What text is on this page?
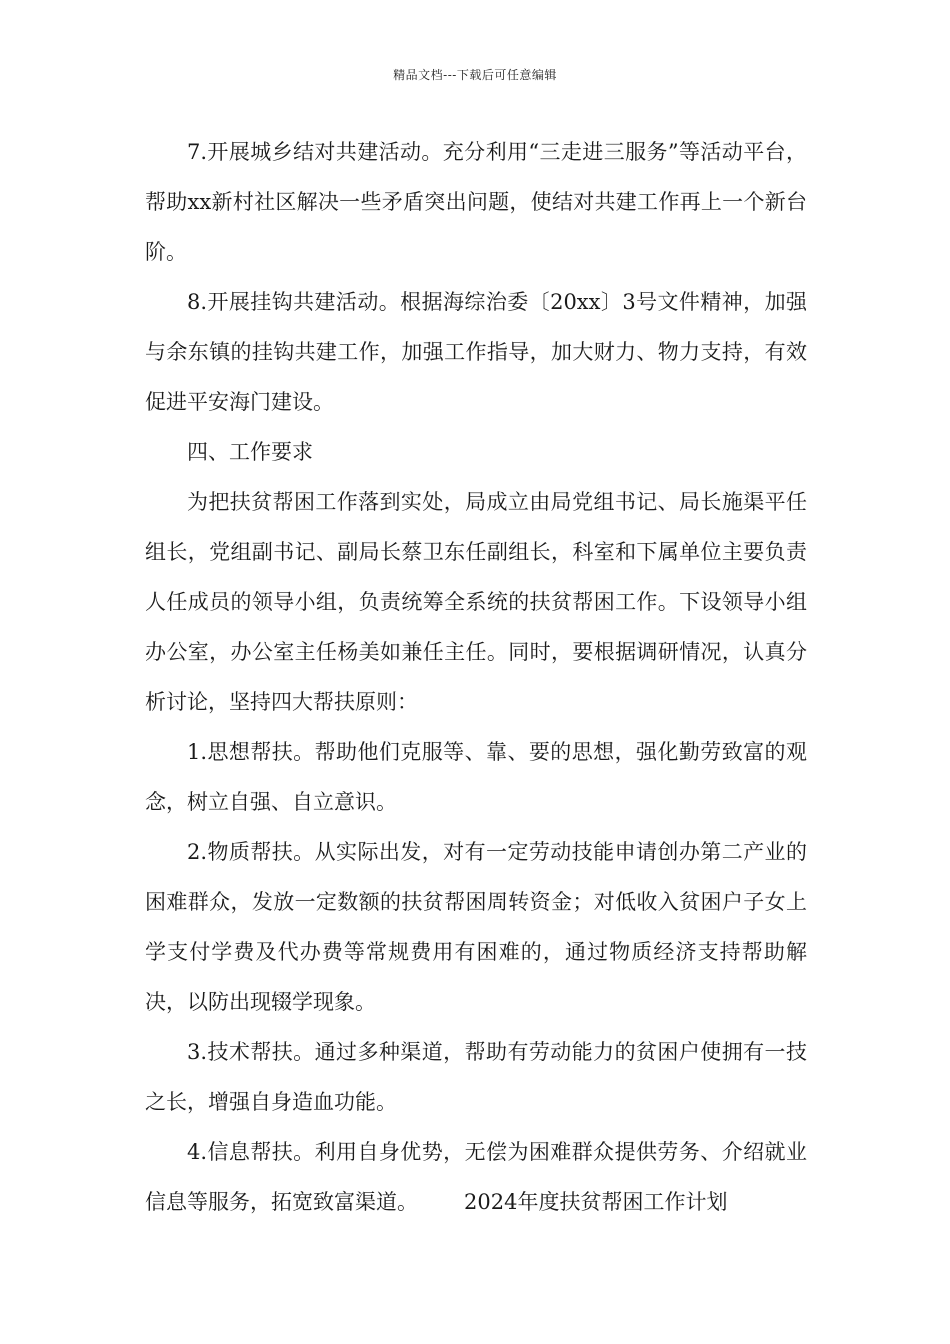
精品文档---下载后可任意编辑

7.开展城乡结对共建活动。充分利用“三走进三服务”等活动平台，帮助xx新村社区解决一些矛盾突出问题，使结对共建工作再上一个新台阶。

8.开展挂钩共建活动。根据海综治委〔20xx〕3号文件精神，加强与余东镇的挂钩共建工作，加强工作指导，加大财力、物力支持，有效促进平安海门建设。

四、工作要求

为把扶贫帮困工作落到实处，局成立由局党组书记、局长施渠平任组长，党组副书记、副局长蔡卫东任副组长，科室和下属单位主要负责人任成员的领导小组，负责统筹全系统的扶贫帮困工作。下设领导小组办公室，办公室主任杨美如兼任主任。同时，要根据调研情况，认真分析讨论，坚持四大帮扶原则：

1.思想帮扶。帮助他们克服等、靠、要的思想，强化勤劳致富的观念，树立自强、自立意识。

2.物质帮扶。从实际出发，对有一定劳动技能申请创办第二产业的困难群众，发放一定数额的扶贫帮困周转资金；对低收入贫困户子女上学支付学费及代办费等常规费用有困难的，通过物质经济支持帮助解决，以防出现辍学现象。

3.技术帮扶。通过多种渠道，帮助有劳动能力的贫困户使拥有一技之长，增强自身造血功能。

4.信息帮扶。利用自身优势，无偿为困难群众提供劳务、介绍就业信息等服务，拓宽致富渠道。 2024年度扶贫帮困工作计划
